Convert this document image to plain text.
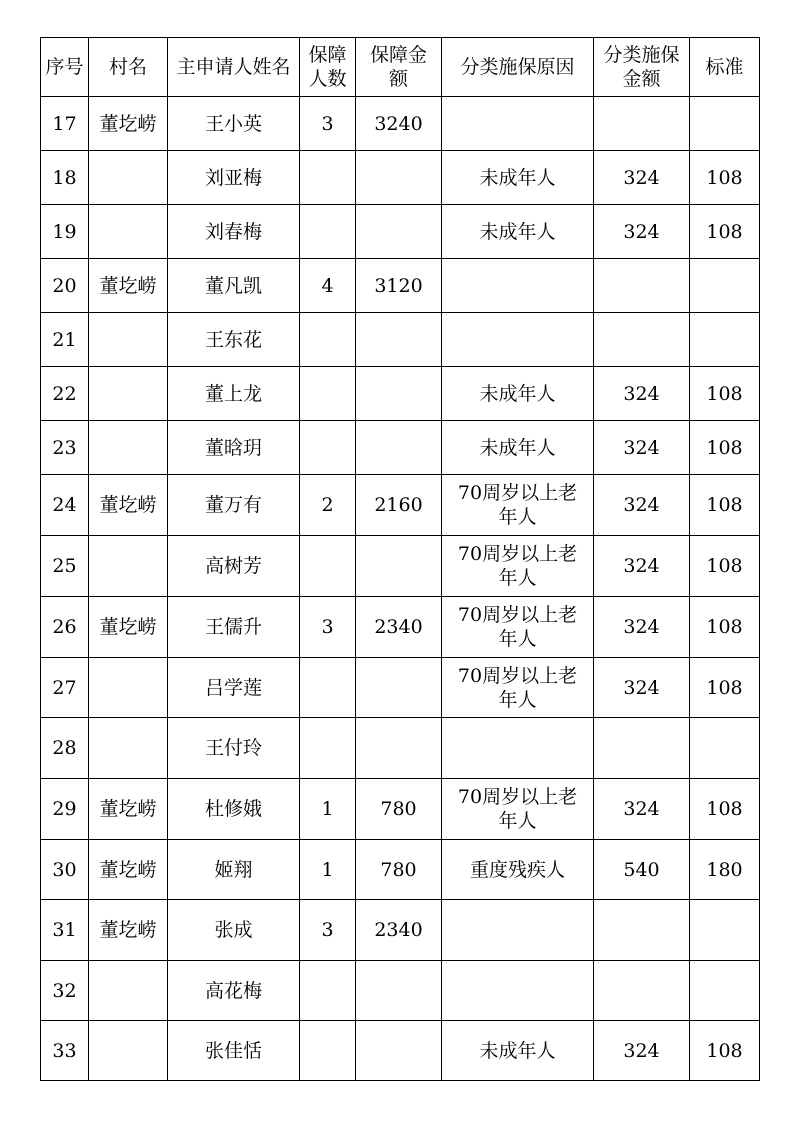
序号	村名	主申请人姓名	保障人数	保障金额	分类施保原因	分类施保金额	标准
17	董圪崂	王小英	3	3240			
18		刘亚梅			未成年人	324	108
19		刘春梅			未成年人	324	108
20	董圪崂	董凡凯	4	3120			
21		王东花					
22		董上龙			未成年人	324	108
23		董晗玥			未成年人	324	108
24	董圪崂	董万有	2	2160	70周岁以上老年人	324	108
25		高树芳			70周岁以上老年人	324	108
26	董圪崂	王儒升	3	2340	70周岁以上老年人	324	108
27		吕学莲			70周岁以上老年人	324	108
28		王付玲					
29	董圪崂	杜修娥	1	780	70周岁以上老年人	324	108
30	董圪崂	姬翔	1	780	重度残疾人	540	180
31	董圪崂	张成	3	2340			
32		高花梅					
33		张佳恬			未成年人	324	108
